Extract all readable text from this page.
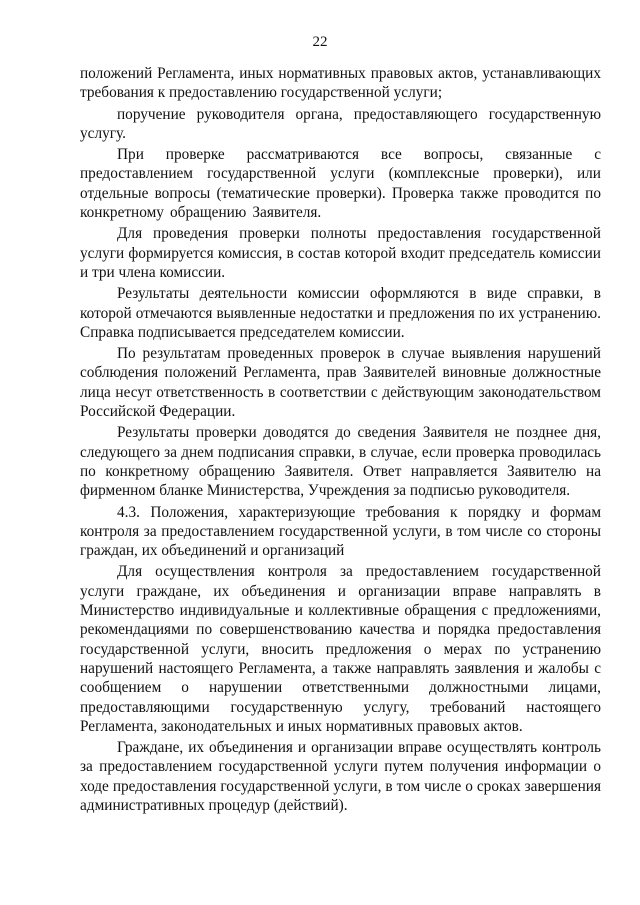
22

положений Регламента, иных нормативных правовых актов, устанавливающих требования к предоставлению государственной услуги;

поручение руководителя органа, предоставляющего государственную услугу.

При проверке рассматриваются все вопросы, связанные с предоставлением государственной услуги (комплексные проверки), или отдельные вопросы (тематические проверки). Проверка также проводится по конкретному обращению Заявителя.

Для проведения проверки полноты предоставления государственной услуги формируется комиссия, в состав которой входит председатель комиссии и три члена комиссии.

Результаты деятельности комиссии оформляются в виде справки, в которой отмечаются выявленные недостатки и предложения по их устранению. Справка подписывается председателем комиссии.

По результатам проведенных проверок в случае выявления нарушений соблюдения положений Регламента, прав Заявителей виновные должностные лица несут ответственность в соответствии с действующим законодательством Российской Федерации.

Результаты проверки доводятся до сведения Заявителя не позднее дня, следующего за днем подписания справки, в случае, если проверка проводилась по конкретному обращению Заявителя. Ответ направляется Заявителю на фирменном бланке Министерства, Учреждения за подписью руководителя.

4.3. Положения, характеризующие требования к порядку и формам контроля за предоставлением государственной услуги, в том числе со стороны граждан, их объединений и организаций

Для осуществления контроля за предоставлением государственной услуги граждане, их объединения и организации вправе направлять в Министерство индивидуальные и коллективные обращения с предложениями, рекомендациями по совершенствованию качества и порядка предоставления государственной услуги, вносить предложения о мерах по устранению нарушений настоящего Регламента, а также направлять заявления и жалобы с сообщением о нарушении ответственными должностными лицами, предоставляющими государственную услугу, требований настоящего Регламента, законодательных и иных нормативных правовых актов.

Граждане, их объединения и организации вправе осуществлять контроль за предоставлением государственной услуги путем получения информации о ходе предоставления государственной услуги, в том числе о сроках завершения административных процедур (действий).
